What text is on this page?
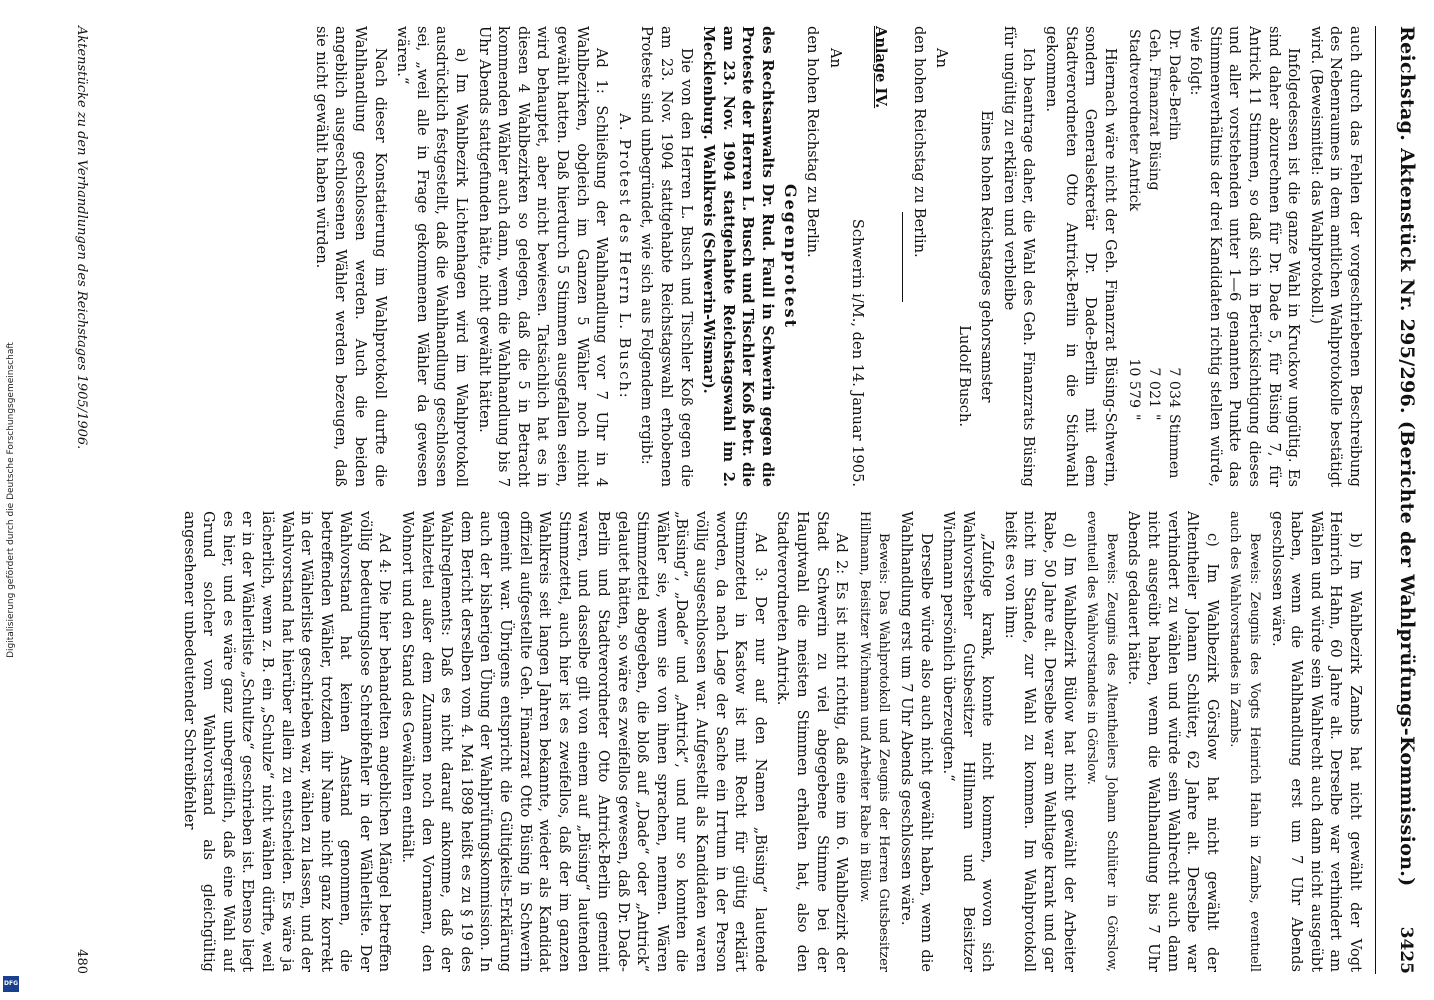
Digitalisierung gefördert durch die Deutsche Forschungsgemeinschaft
DFG
Reichstag. Aktenstück Nr. 295/296. (Berichte der Wahlprüfungs-Kommission.)
3425

auch durch das Fehlen der vorgeschriebenen Beschreibung des Nebenraumes in dem amtlichen Wahlprotokolle bestätigt wird. (Beweismittel: das Wahlprotokoll.)

Infolgedessen ist die ganze Wahl in Kruckow ungültig. Es sind daher abzurechnen für Dr. Dade 5, für Büsing 7, für Antrick 11 Stimmen, so daß sich in Berücksichtigung dieses und aller vorstehenden unter 1—6 genannten Punkte das Stimmenverhältnis der drei Kandidaten richtig stellen würde, wie folgt:

Dr. Dade-Berlin	7 034	Stimmen
Geh. Finanzrat Büsing	7 021	"
Stadtverordneter Antrick	10 579	"

Hiernach wäre nicht der Geh. Finanzrat Büsing-Schwerin, sondern Generalsekretär Dr. Dade-Berlin mit dem Stadtverordneten Otto Antrick-Berlin in die Stichwahl gekommen.

Ich beantrage daher, die Wahl des Geh. Finanzrats Büsing für ungültig zu erklären und verbleibe

Eines hohen Reichstages gehorsamster

Ludolf Busch.

An

den hohen Reichstag zu Berlin.

Anlage IV.

Schwerin i/M., den 14. Januar 1905.

An

den hohen Reichstag zu Berlin.

Gegenprotest

des Rechtsanwalts Dr. Rud. Faull in Schwerin gegen die Proteste der Herren L. Busch und Tischler Koß betr. die am 23. Nov. 1904 stattgehabte Reichstagswahl im 2. Mecklenburg. Wahlkreis (Schwerin-Wismar).

Die von den Herren L. Busch und Tischler Koß gegen die am 23. Nov. 1904 stattgehabte Reichstagswahl erhobenen Proteste sind unbegründet, wie sich aus Folgendem ergibt:

A. Protest des Herrn L. Busch:

Ad 1: Schließung der Wahlhandlung vor 7 Uhr in 4 Wahlbezirken, obgleich im Ganzen 5 Wähler noch nicht gewählt hatten. Daß hierdurch 5 Stimmen ausgefallen seien, wird behauptet, aber nicht bewiesen. Tatsächlich hat es in diesen 4 Wahlbezirken so gelegen, daß die 5 in Betracht kommenden Wähler auch dann, wenn die Wahlhandlung bis 7 Uhr Abends stattgefunden hätte, nicht gewählt hätten.

a) Im Wahlbezirk Lichtenhagen wird im Wahlprotokoll ausdrücklich festgestellt, daß die Wahlhandlung geschlossen sei, „weil alle in Frage gekommenen Wähler da gewesen wären.“

Nach dieser Konstatierung im Wahlprotokoll durfte die Wahlhandlung geschlossen werden. Auch die beiden angeblich ausgeschlossenen Wähler werden bezeugen, daß sie nicht gewählt haben würden.

b) Im Wahlbezirk Zambs hat nicht gewählt der Vogt Heinrich Hahn, 60 Jahre alt. Derselbe war verhindert am Wählen und würde sein Wahlrecht auch dann nicht ausgeübt haben, wenn die Wahlhandlung erst um 7 Uhr Abends geschlossen wäre.

Beweis: Zeugnis des Vogts Heinrich Hahn in Zambs, eventuell auch des Wahlvorstandes in Zambs.

c) Im Wahlbezirk Görslow hat nicht gewählt der Altentheiler Johann Schlüter, 62 Jahre alt. Derselbe war verhindert zu wählen und würde sein Wahlrecht auch dann nicht ausgeübt haben, wenn die Wahlhandlung bis 7 Uhr Abends gedauert hätte.

Beweis: Zeugnis des Altentheilers Johann Schlüter in Görslow, eventuell des Wahlvorstandes in Görslow.

d) Im Wahlbezirk Bülow hat nicht gewählt der Arbeiter Rabe, 50 Jahre alt. Derselbe war am Wahltage krank und gar nicht im Stande, zur Wahl zu kommen. Im Wahlprotokoll heißt es von ihm:

„Zufolge krank, konnte nicht kommen, wovon sich Wahlvorsteher Gutsbesitzer Hillmann und Beisitzer Wichmann persönlich überzeugten.“

Derselbe würde also auch nicht gewählt haben, wenn die Wahlhandlung erst um 7 Uhr Abends geschlossen wäre.

Beweis: Das Wahlprotokoll und Zeugnis der Herren Gutsbesitzer Hillmann, Beisitzer Wichmann und Arbeiter Rabe in Bülow.

Ad 2: Es ist nicht richtig, daß eine im 6. Wahlbezirk der Stadt Schwerin zu viel abgegebene Stimme bei der Hauptwahl die meisten Stimmen erhalten hat, also den Stadtverordneten Antrick.

Ad 3: Der nur auf den Namen „Büsing“ lautende Stimmzettel in Kastow ist mit Recht für gültig erklärt worden, da nach Lage der Sache ein Irrtum in der Person völlig ausgeschlossen war. Aufgestellt als Kandidaten waren „Büsing“, „Dade“ und „Antrick“, und nur so konnten die Wähler sie, wenn sie von ihnen sprachen, nennen. Wären Stimmzettel abgegeben, die bloß auf „Dade“ oder „Antrick“ gelautet hätten, so wäre es zweifellos gewesen, daß Dr. Dade-Berlin und Stadtverordneter Otto Antrick-Berlin gemeint waren, und dasselbe gilt von einem auf „Büsing“ lautenden Stimmzettel, auch hier ist es zweifellos, daß der im ganzen Wahlkreis seit langen Jahren bekannte, wieder als Kandidat offiziell aufgestellte Geh. Finanzrat Otto Büsing in Schwerin gemeint war. Übrigens entspricht die Gültigkeits-Erklärung auch der bisherigen Übung der Wahlprüfungskommission. In dem Bericht derselben vom 4. Mai 1898 heißt es zu § 19 des Wahlreglements: Daß es nicht darauf ankomme, daß der Wahlzettel außer dem Zunamen noch den Vornamen, den Wohnort und den Stand des Gewählten enthält.

Ad 4: Die hier behandelten angeblichen Mängel betreffen völlig bedeutungslose Schreibfehler in der Wählerliste. Der Wahlvorstand hat keinen Anstand genommen, die betreffenden Wähler, trotzdem ihr Name nicht ganz korrekt in der Wählerliste geschrieben war, wählen zu lassen, und der Wahlvorstand hat hierüber allein zu entscheiden. Es wäre ja lächerlich, wenn z. B. ein „Schulze“ nicht wählen dürfte, weil er in der Wählerliste „Schultze“ geschrieben ist. Ebenso liegt es hier, und es wäre ganz unbegreiflich, daß eine Wahl auf Grund solcher vom Wahlvorstand als gleichgültig angesehener unbedeutender Schreibfehler

Aktenstücke zu den Verhandlungen des Reichstages 1905/1906.
480
